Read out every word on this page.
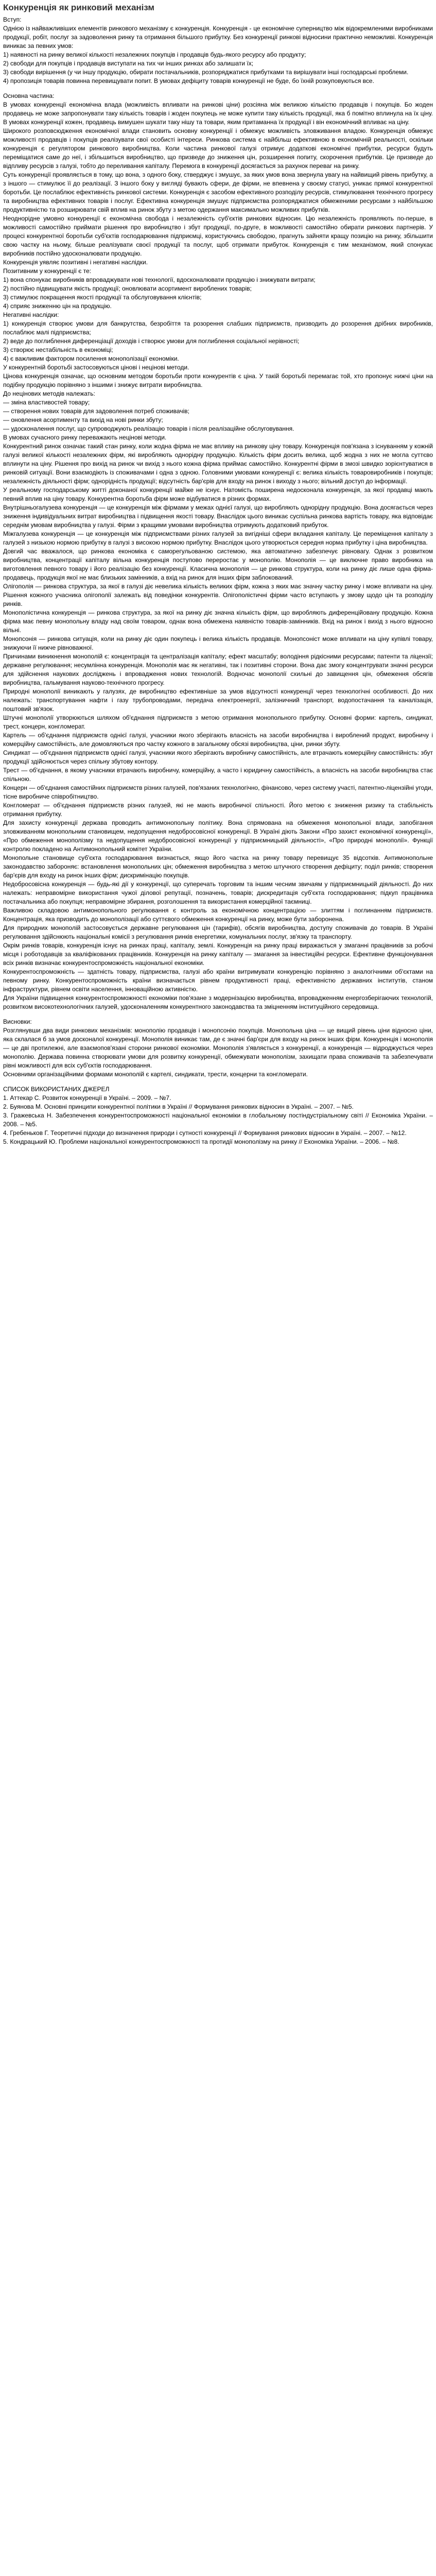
Конкуренція як ринковий механізм

Вступ:

Однією із найважливіших елементів ринкового механізму є конкуренція. Конкуренція - це економічне суперництво між відокремленими виробниками продукції, робіт, послуг за задоволення ринку та отримання більшого прибутку. Без конкуренції ринкові відносини практично неможливі. Конкуренція виникає за певних умов:

1) наявності на ринку великої кількості незалежних покупців і продавців будь-якого ресурсу або продукту;

2) свободи для покупців і продавців виступати на тих чи інших ринках або залишати їх;

3) свободи вирішення (у чи іншу продукцію, обирати постачальників, розпоряджатися прибутками та вирішувати інші господарські проблеми.

4) пропозиція товарів повинна перевищувати попит. В умовах дефіциту товарів конкуренції не буде, бо їхній розкуповуються все.

Основна частина:

В умовах конкуренції економічна влада (можливість впливати на ринкові ціни) розсіяна між великою кількістю продавців і покупців. Бо жоден продавець не може запропонувати таку кількість товарів і жоден покупець не може купити таку кількість продукції, яка б помітно вплинула на їх ціну. В умовах конкуренції кожен, продавець вимушен шукати таку нішу та товари, яким притаманна їх продукції і він економічний впливає на ціну.

Широкого розповсюдження економічної влади становить основну конкуренції і обмежує можливість зловживання владою. Конкуренція обмежує можливості продавців і покупців реалізувати свої особисті інтереси. Ринкова система є найбільш ефективною в економічній реальності, оскільки конкуренція є регулятором ринкового виробництва. Коли частина ринкової галузі отримує додаткові економічні прибутки, ресурси будуть переміщатися саме до неї, і збільшиться виробництво, що призведе до зниження цін, розширення попиту, скорочення прибутків. Це призведе до відпливу ресурсів з галузі, тобто до переливання капіталу. Перемога в конкуренції досягається за рахунок переваг на ринку.

Суть конкуренції проявляється в тому, що вона, з одного боку, стверджує і змушує, за яких умов вона звернула увагу на найвищий рівень прибутку, а з іншого — стимулює її до реалізації. З іншого боку у вигляді бувають сфери, де фірми, не впевнена у своєму статусі, уникає прямої конкурентної боротьби. Це послаблює ефективність ринкової системи. Конкуренція є засобом ефективного розподілу ресурсів, стимулювання технічного прогресу та виробництва ефективних товарів і послуг. Ефективна конкуренція змушує підприємства розпоряджатися обмеженими ресурсами з найбільшою продуктивністю та розширювати свій вплив на ринок збуту з метою одержання максимально можливих прибутків.

Неоднорідне умовно конкуренції є економічна свобода і незалежність суб'єктів ринкових відносин. Цю незалежність проявляють по-перше, в можливості самостійно приймати рішення про виробництво і збут продукції, по-друге, в можливості самостійно обирати ринкових партнерів. У процесі конкурентної боротьби суб'єктів господарювання підприємці, користуючись свободою, прагнуть зайняти кращу позицію на ринку, збільшити свою частку на ньому, більше реалізувати своєї продукції та послуг, щоб отримати прибуток. Конкуренція є тим механізмом, який спонукає виробників постійно удосконалювати продукцію.

Конкуренція уявляє позитивні і негативні наслідки.

Позитивним у конкуренції є те:

1) вона спонукає виробників впроваджувати нові технології, вдосконалювати продукцію і знижувати витрати;

2) постійно підвищувати якість продукції; оновлювати асортимент вироблених товарів;

3) стимулює покращення якості продукції та обслуговування клієнтів;

4) сприяє зниженню цін на продукцію.

Негативні наслідки:

1) конкуренція створює умови для банкрутства, безробіття та розорення слабших підприємств, призводить до розорення дрібних виробників, послаблює малі підприємства;

2) веде до поглиблення диференціації доходів і створює умови для поглиблення соціальної нерівності;

3) створює нестабільність в економіці;

4) є важливим фактором посилення монополізації економіки.

У конкурентній боротьбі застосовуються цінові і нецінові методи.

Цінова конкуренція означає, що основним методом боротьби проти конкурентів є ціна. У такій боротьбі перемагає той, хто пропонує нижчі ціни на подібну продукцію порівняно з іншими і знижує витрати виробництва.

До нецінових методів належать:

— зміна властивостей товару;

— створення нових товарів для задоволення потреб споживачів;

— оновлення асортименту та вихід на нові ринки збуту;

— удосконалення послуг, що супроводжують реалізацію товарів і після реалізаційне обслуговування.

В умовах сучасного ринку переважають нецінові методи.

Конкурентний ринок означає такий стан ринку, коли жодна фірма не має впливу на ринкову ціну товару. Конкуренція пов'язана з існуванням у кожній галузі великої кількості незалежних фірм, які виробляють однорідну продукцію. Кількість фірм досить велика, щоб жодна з них не могла суттєво вплинути на ціну. Рішення про вихід на ринок чи вихід з нього кожна фірма приймає самостійно. Конкурентні фірми в змозі швидко зорієнтуватися в ринковій ситуації. Вони взаємодіють із споживачами і одна з одною. Головними умовами конкуренції є: велика кількість товаровиробників і покупців; незалежність діяльності фірм; однорідність продукції; відсутність бар'єрів для входу на ринок і виходу з нього; вільний доступ до інформації.

У реальному господарському житті доконаної конкуренції майже не існує. Натомість поширена недосконала конкуренція, за якої продавці мають певний вплив на ціну товару. Конкурентна боротьба фірм може відбуватися в різних формах.

Внутрішньогалузева конкуренція — це конкуренція між фірмами у межах однієї галузі, що виробляють однорідну продукцію. Вона досягається через зниження індивідуальних витрат виробництва і підвищення якості товару. Внаслідок цього виникає суспільна ринкова вартість товару, яка відповідає середнім умовам виробництва у галузі. Фірми з кращими умовами виробництва отримують додатковий прибуток.

Міжгалузева конкуренція — це конкуренція між підприємствами різних галузей за вигідніші сфери вкладання капіталу. Це переміщення капіталу з галузей з низькою нормою прибутку в галузі з високою нормою прибутку. Внаслідок цього утворюється середня норма прибутку і ціна виробництва.

Довгий час вважалося, що ринкова економіка є саморегульованою системою, яка автоматично забезпечує рівновагу. Однак з розвитком виробництва, концентрації капіталу вільна конкуренція поступово переростає у монополію. Монополія — це виключне право виробника на виготовлення певного товару і його реалізацію без конкуренції. Класична монополія — це ринкова структура, коли на ринку діє лише одна фірма-продавець, продукція якої не має близьких замінників, а вхід на ринок для інших фірм заблокований.

Олігополія — ринкова структура, за якої в галузі діє невелика кількість великих фірм, кожна з яких має значну частку ринку і може впливати на ціну. Рішення кожного учасника олігополії залежать від поведінки конкурентів. Олігополістичні фірми часто вступають у змову щодо цін та розподілу ринків.

Монополістична конкуренція — ринкова структура, за якої на ринку діє значна кількість фірм, що виробляють диференційовану продукцію. Кожна фірма має певну монопольну владу над своїм товаром, однак вона обмежена наявністю товарів-замінників. Вхід на ринок і вихід з нього відносно вільні.

Монопсонія — ринкова ситуація, коли на ринку діє один покупець і велика кількість продавців. Монопсоніст може впливати на ціну купівлі товару, знижуючи її нижче рівноважної.

Причинами виникнення монополій є: концентрація та централізація капіталу; ефект масштабу; володіння рідкісними ресурсами; патенти та ліцензії; державне регулювання; несумлінна конкуренція. Монополія має як негативні, так і позитивні сторони. Вона дає змогу концентрувати значні ресурси для здійснення наукових досліджень і впровадження нових технологій. Водночас монополії схильні до завищення цін, обмеження обсягів виробництва, гальмування науково-технічного прогресу.

Природні монополії виникають у галузях, де виробництво ефективніше за умов відсутності конкуренції через технологічні особливості. До них належать: транспортування нафти і газу трубопроводами, передача електроенергії, залізничний транспорт, водопостачання та каналізація, поштовий зв'язок.

Штучні монополії утворюються шляхом об'єднання підприємств з метою отримання монопольного прибутку. Основні форми: картель, синдикат, трест, концерн, конгломерат.

Картель — об'єднання підприємств однієї галузі, учасники якого зберігають власність на засоби виробництва і вироблений продукт, виробничу і комерційну самостійність, але домовляються про частку кожного в загальному обсязі виробництва, ціни, ринки збуту.

Синдикат — об'єднання підприємств однієї галузі, учасники якого зберігають виробничу самостійність, але втрачають комерційну самостійність: збут продукції здійснюється через спільну збутову контору.

Трест — об'єднання, в якому учасники втрачають виробничу, комерційну, а часто і юридичну самостійність, а власність на засоби виробництва стає спільною.

Концерн — об'єднання самостійних підприємств різних галузей, пов'язаних технологічно, фінансово, через систему участі, патентно-ліцензійні угоди, тісне виробниче співробітництво.

Конгломерат — об'єднання підприємств різних галузей, які не мають виробничої спільності. Його метою є зниження ризику та стабільність отримання прибутку.

Для захисту конкуренції держава проводить антимонопольну політику. Вона спрямована на обмеження монопольної влади, запобігання зловживанням монопольним становищем, недопущення недобросовісної конкуренції. В Україні діють Закони «Про захист економічної конкуренції», «Про обмеження монополізму та недопущення недобросовісної конкуренції у підприємницькій діяльності», «Про природні монополії». Функції контролю покладено на Антимонопольний комітет України.

Монопольне становище суб'єкта господарювання визнається, якщо його частка на ринку товару перевищує 35 відсотків. Антимонопольне законодавство забороняє: встановлення монопольних цін; обмеження виробництва з метою штучного створення дефіциту; поділ ринків; створення бар'єрів для входу на ринок інших фірм; дискримінацію покупців.

Недобросовісна конкуренція — будь-які дії у конкуренції, що суперечать торговим та іншим чесним звичаям у підприємницькій діяльності. До них належать: неправомірне використання чужої ділової репутації, позначень, товарів; дискредитація суб'єкта господарювання; підкуп працівника постачальника або покупця; неправомірне збирання, розголошення та використання комерційної таємниці.

Важливою складовою антимонопольного регулювання є контроль за економічною концентрацією — злиттям і поглинанням підприємств. Концентрація, яка призводить до монополізації або суттєвого обмеження конкуренції на ринку, може бути заборонена.

Для природних монополій застосовується державне регулювання цін (тарифів), обсягів виробництва, доступу споживачів до товарів. В Україні регулювання здійснюють національні комісії з регулювання ринків енергетики, комунальних послуг, зв'язку та транспорту.

Окрім ринків товарів, конкуренція існує на ринках праці, капіталу, землі. Конкуренція на ринку праці виражається у змаганні працівників за робочі місця і роботодавців за кваліфікованих працівників. Конкуренція на ринку капіталу — змагання за інвестиційні ресурси. Ефективне функціонування всіх ринків визначає конкурентоспроможність національної економіки.

Конкурентоспроможність — здатність товару, підприємства, галузі або країни витримувати конкуренцію порівняно з аналогічними об'єктами на певному ринку. Конкурентоспроможність країни визначається рівнем продуктивності праці, ефективністю державних інститутів, станом інфраструктури, рівнем освіти населення, інноваційною активністю.

Для України підвищення конкурентоспроможності економіки пов'язане з модернізацією виробництва, впровадженням енергозберігаючих технологій, розвитком високотехнологічних галузей, удосконаленням конкурентного законодавства та зміцненням інституційного середовища.

Висновки:

Розглянувши два види ринкових механізмів: монополію продавців і монопсонію покупців. Монопольна ціна — це вищий рівень ціни відносно ціни, яка склалася б за умов досконалої конкуренції. Монополія виникає там, де є значні бар'єри для входу на ринок інших фірм. Конкуренція і монополія — це дві протилежні, але взаємопов'язані сторони ринкової економіки. Монополія з'являється з конкуренції, а конкуренція — відроджується через монополію. Держава повинна створювати умови для розвитку конкуренції, обмежувати монополізм, захищати права споживачів та забезпечувати рівні можливості для всіх суб'єктів господарювання.

Основними організаційними формами монополій є картелі, синдикати, трести, концерни та конгломерати.

СПИСОК ВИКОРИСТАНИХ ДЖЕРЕЛ

1. Аттекар С. Розвиток конкуренції в Україні. – 2009. – №7.

2. Буянова М. Основні принципи конкурентної політики в Україні // Формування ринкових відносин в Україні. – 2007. – №5.

3. Гражевська Н. Забезпечення конкурентоспроможності національної економіки в глобальному постіндустріальному світі // Економіка України. – 2008. – №5.

4. Гребеньков Г. Теоретичні підходи до визначення природи і сутності конкуренції // Формування ринкових відносин в Україні. – 2007. – №12.

5. Кондрацький Ю. Проблеми національної конкурентоспроможності та протидії монополізму на ринку // Економіка України. – 2006. – №8.
